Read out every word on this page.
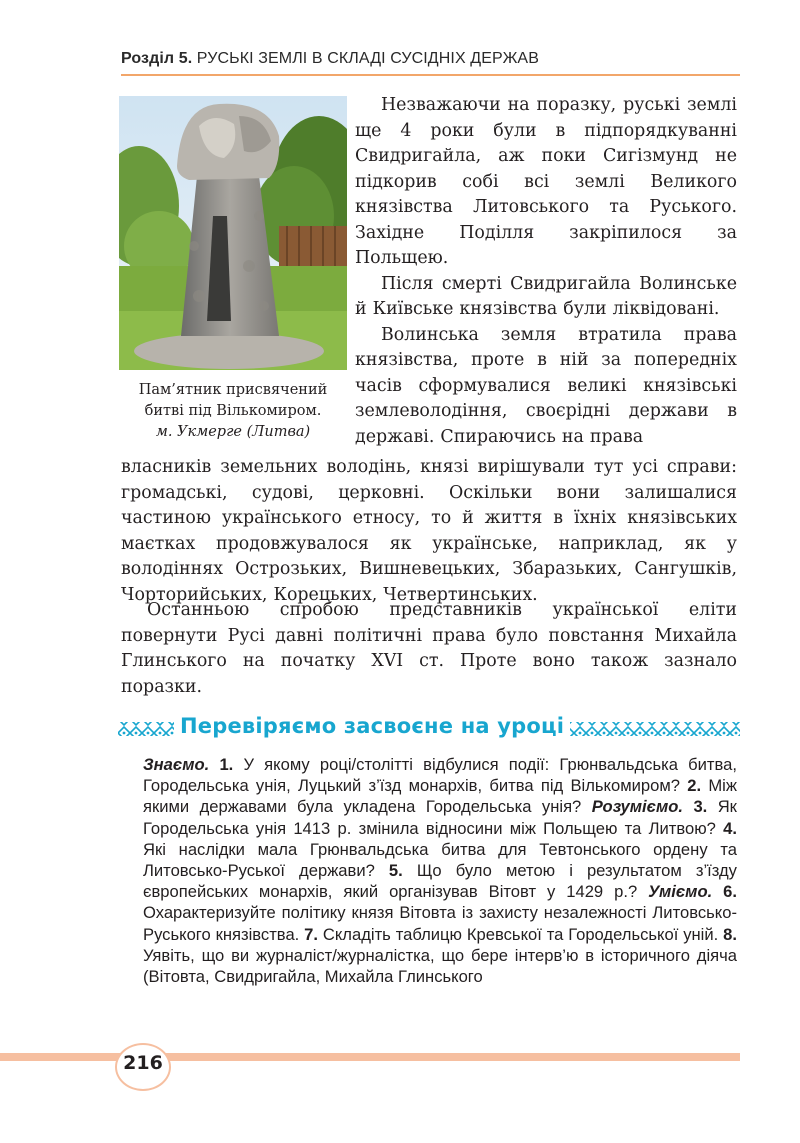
Розділ 5. РУСЬКІ ЗЕМЛІ В СКЛАДІ СУСІДНІХ ДЕРЖАВ
Пам’ятник присвячений
битві під Вількомиром.
м. Укмерге (Литва)

Незважаючи на поразку, руські землі ще 4 роки були в підпорядкуванні Свидригайла, аж поки Сигізмунд не підкорив собі всі землі Великого князівства Литовського та Руського. Західне Поділля закріпилося за Польщею.

Після смерті Свидригайла Волинське й Київське князівства були ліквідовані.

Волинська земля втратила права князівства, проте в ній за попередніх часів сформувалися великі князівські землеволодіння, своєрідні держави в державі. Спираючись на права

власників земельних володінь, князі вирішували тут усі справи: громадські, судові, церковні. Оскільки вони залишалися частиною українського етносу, то й життя в їхніх князівських маєтках продовжувалося як українське, наприклад, як у володіннях Острозьких, Вишневецьких, Збаразьких, Сангушків, Чорторийських, Корецьких, Четвертинських.

Останньою спробою представників української еліти повернути Русі давні політичні права було повстання Михайла Глинського на початку XVI ст. Проте воно також зазнало поразки.

Перевіряємо засвоєне на уроці
Знаємо. 1. У якому році/столітті відбулися події: Грюнвальдська битва, Городельська унія, Луцький з’їзд монархів, битва під Вількомиром? 2. Між якими державами була укладена Городельська унія? Розуміємо. 3. Як Городельська унія 1413 р. змінила відносини між Польщею та Литвою? 4. Які наслідки мала Грюнвальдська битва для Тевтонського ордену та Литовсько-Руської держави? 5. Що було метою і результатом з’їзду європейських монархів, який організував Вітовт у 1429 р.? Уміємо. 6. Охарактеризуйте політику князя Вітовта із захисту незалежності Литовсько-Руського князівства. 7. Складіть таблицю Кревської та Городельської уній. 8. Уявіть, що ви журналіст/журналістка, що бере інтерв’ю в історичного діяча (Вітовта, Свидригайла, Михайла Глинського
216
